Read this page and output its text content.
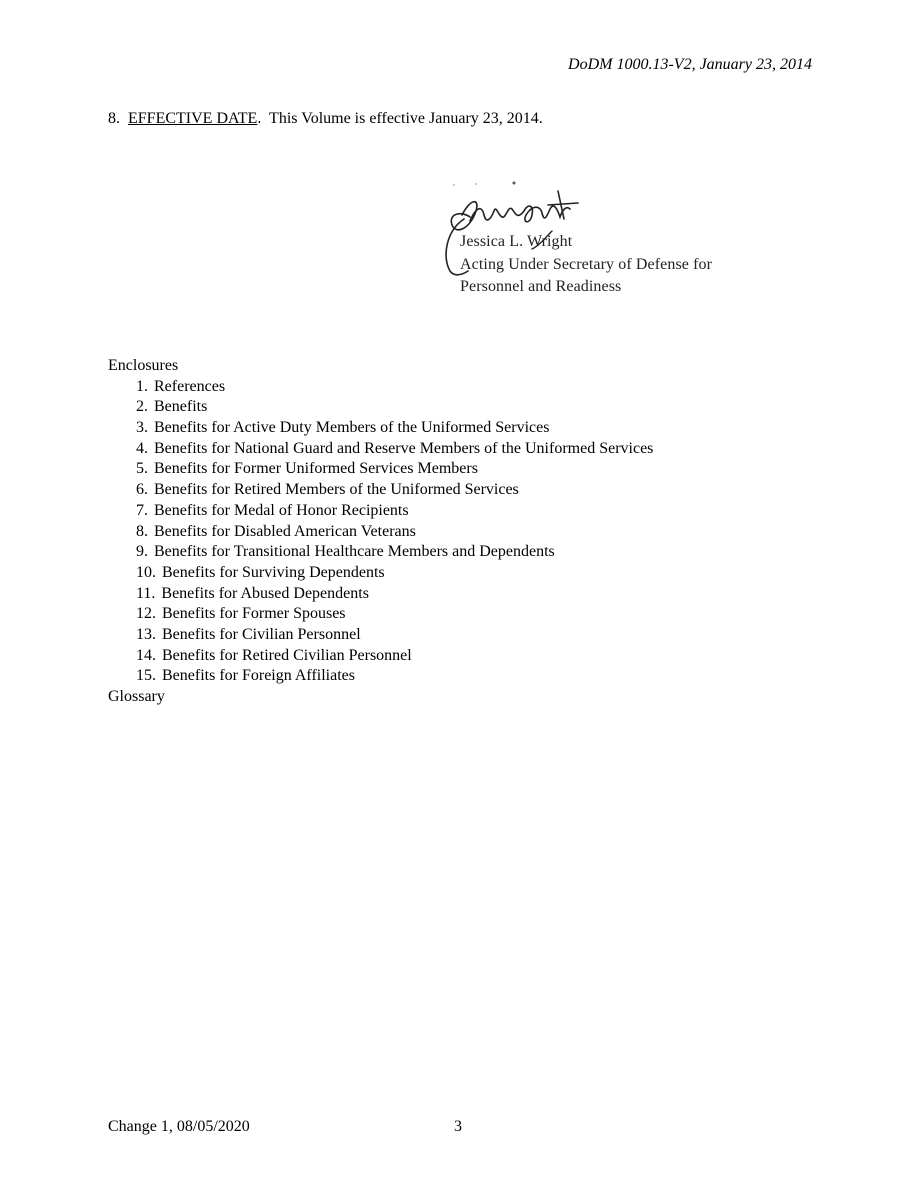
DoDM 1000.13-V2, January 23, 2014
8. EFFECTIVE DATE.  This Volume is effective January 23, 2014.
Jessica L. Wright
Acting Under Secretary of Defense for
Personnel and Readiness
Enclosures
1. References
2. Benefits
3. Benefits for Active Duty Members of the Uniformed Services
4. Benefits for National Guard and Reserve Members of the Uniformed Services
5. Benefits for Former Uniformed Services Members
6. Benefits for Retired Members of the Uniformed Services
7. Benefits for Medal of Honor Recipients
8. Benefits for Disabled American Veterans
9. Benefits for Transitional Healthcare Members and Dependents
10. Benefits for Surviving Dependents
11. Benefits for Abused Dependents
12. Benefits for Former Spouses
13. Benefits for Civilian Personnel
14. Benefits for Retired Civilian Personnel
15. Benefits for Foreign Affiliates
Glossary
Change 1, 08/05/2020	3
